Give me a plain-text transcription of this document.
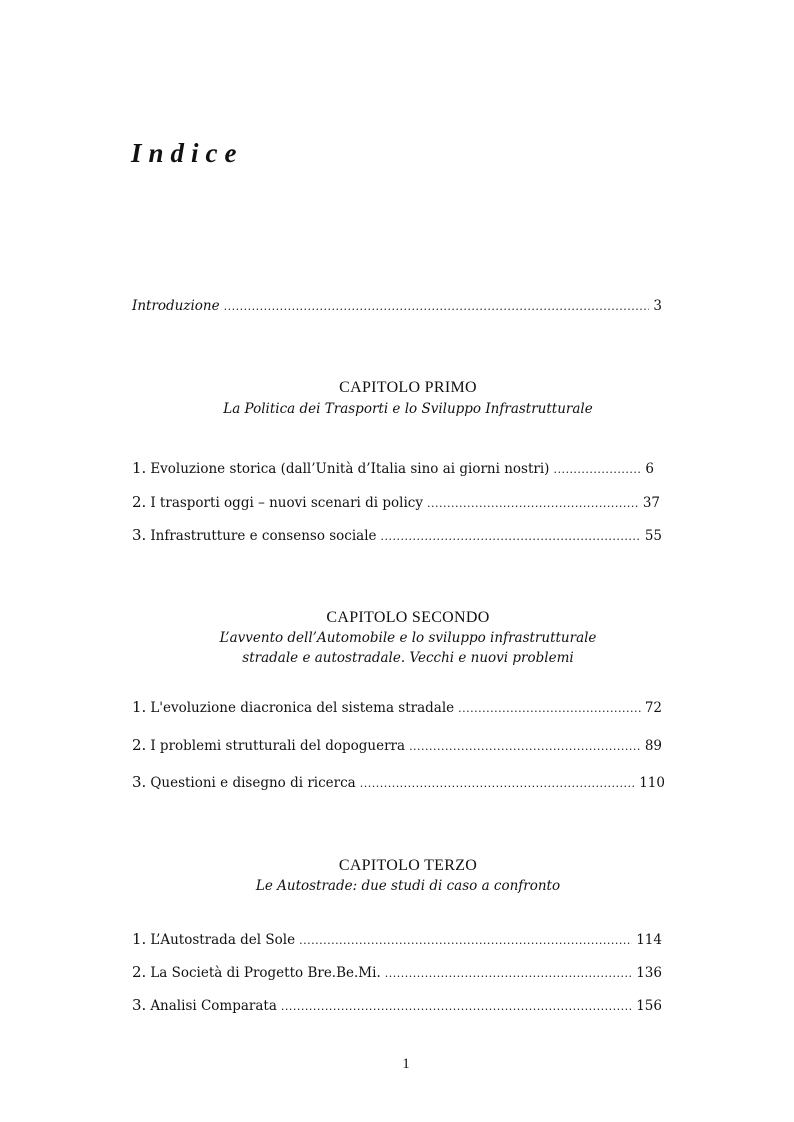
Indice
Introduzione .....	3
CAPITOLO PRIMO
La Politica dei Trasporti e lo Sviluppo Infrastrutturale
1. Evoluzione storica (dall’Unità d’Italia sino ai giorni nostri) .....	6
2. I trasporti oggi – nuovi scenari di policy .....	37
3. Infrastrutture e consenso sociale .....	55
CAPITOLO SECONDO
L’avvento dell’Automobile e lo sviluppo infrastrutturale
stradale e autostradale. Vecchi e nuovi problemi
1. L'evoluzione diacronica del sistema stradale .....	72
2. I problemi strutturali del dopoguerra .....	89
3. Questioni e disegno di ricerca .....	110
CAPITOLO TERZO
Le Autostrade: due studi di caso a confronto
1. L’Autostrada del Sole .....	114
2. La Società di Progetto Bre.Be.Mi. .....	136
3. Analisi Comparata .....	156
1
